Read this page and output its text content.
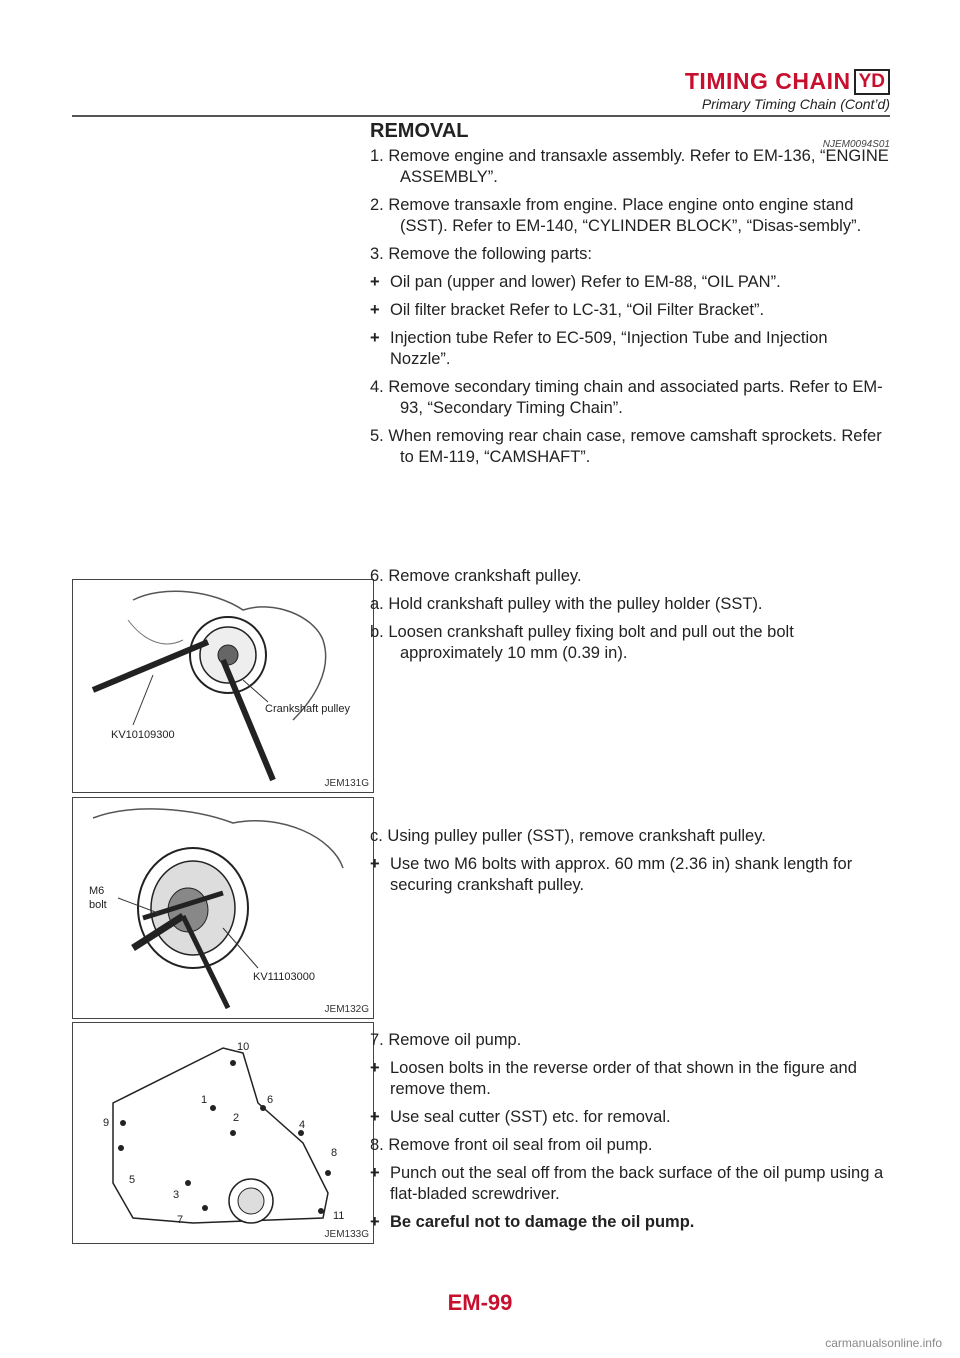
TIMING CHAIN YD
Primary Timing Chain (Cont’d)
REMOVAL
NJEM0094S01
1. Remove engine and transaxle assembly. Refer to EM-136, “ENGINE ASSEMBLY”.
2. Remove transaxle from engine. Place engine onto engine stand (SST). Refer to EM-140, “CYLINDER BLOCK”, “Disas-sembly”.
3. Remove the following parts:
+ Oil pan (upper and lower) Refer to EM-88, “OIL PAN”.
+ Oil filter bracket Refer to LC-31, “Oil Filter Bracket”.
+ Injection tube Refer to EC-509, “Injection Tube and Injection Nozzle”.
4. Remove secondary timing chain and associated parts. Refer to EM-93, “Secondary Timing Chain”.
5. When removing rear chain case, remove camshaft sprockets. Refer to EM-119, “CAMSHAFT”.
KV10109300
Crankshaft pulley
JEM131G
6. Remove crankshaft pulley.
a. Hold crankshaft pulley with the pulley holder (SST).
b. Loosen crankshaft pulley fixing bolt and pull out the bolt approximately 10 mm (0.39 in).
M6
bolt
KV11103000
JEM132G
c. Using pulley puller (SST), remove crankshaft pulley.
+ Use two M6 bolts with approx. 60 mm (2.36 in) shank length for securing crankshaft pulley.
1
2
3
4
5
6
7
8
9
10
11
JEM133G
7. Remove oil pump.
+ Loosen bolts in the reverse order of that shown in the figure and remove them.
+ Use seal cutter (SST) etc. for removal.
8. Remove front oil seal from oil pump.
+ Punch out the seal off from the back surface of the oil pump using a flat-bladed screwdriver.
+ Be careful not to damage the oil pump.
EM-99
carmanualsonline.info
